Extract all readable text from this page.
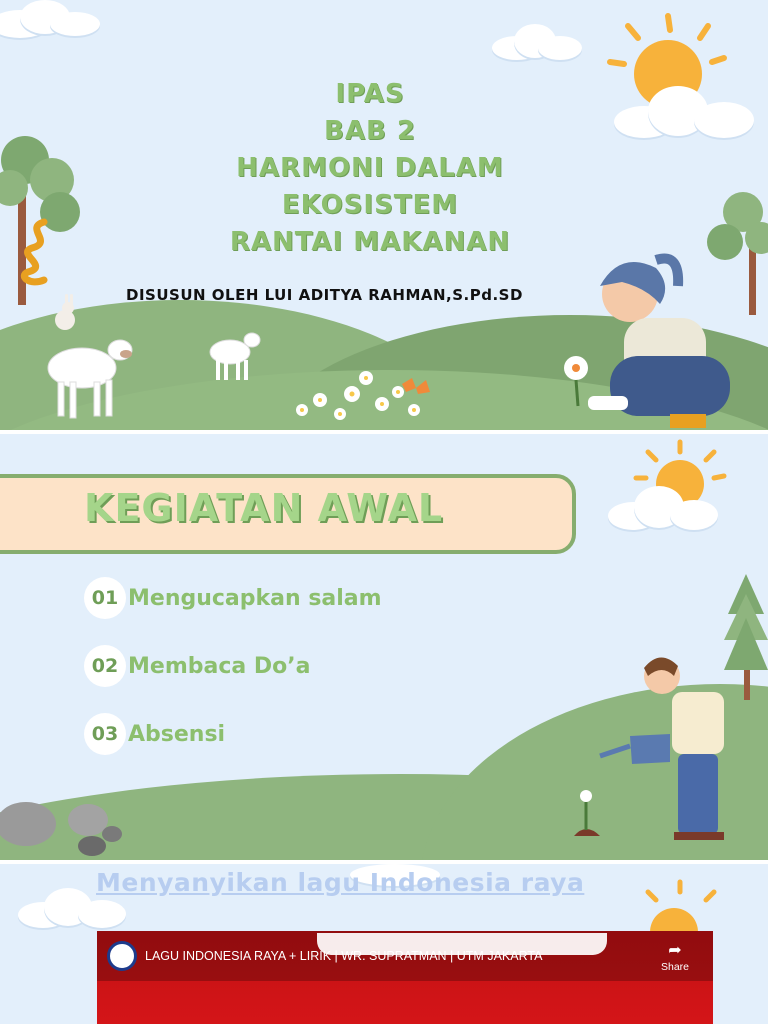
IPAS
BAB 2
HARMONI DALAM
EKOSISTEM
RANTAI MAKANAN
DISUSUN OLEH LUI ADITYA RAHMAN,S.Pd.SD
KEGIATAN AWAL
01 Mengucapkan salam
02 Membaca Do’a
03 Absensi
Menyanyikan lagu Indonesia raya
LAGU INDONESIA RAYA + LIRIK | WR. SUPRATMAN | UTM JAKARTA	➦
Share
